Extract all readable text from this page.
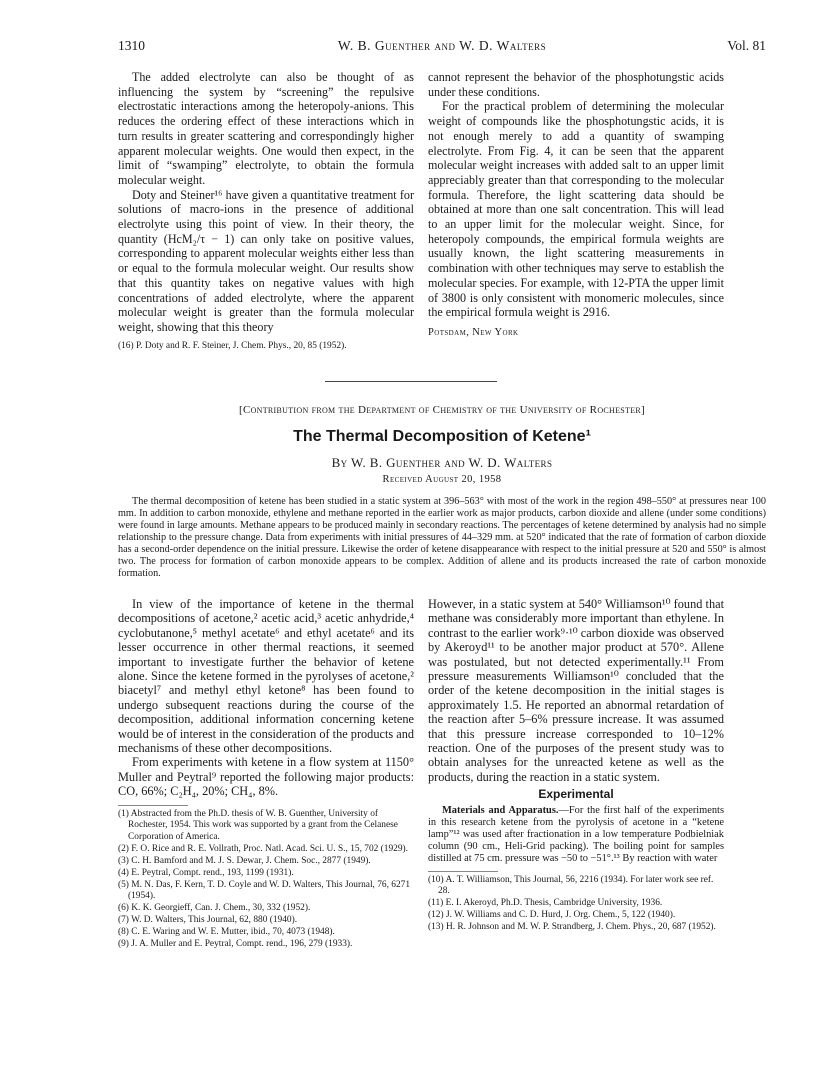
1310	W. B. Guenther and W. D. Walters	Vol. 81

The added electrolyte can also be thought of as influencing the system by “screening” the repulsive electrostatic interactions among the heteropoly-anions. This reduces the ordering effect of these interactions which in turn results in greater scattering and correspondingly higher apparent molecular weights. One would then expect, in the limit of “swamping” electrolyte, to obtain the formula molecular weight.

Doty and Steiner¹⁶ have given a quantitative treatment for solutions of macro-ions in the presence of additional electrolyte using this point of view. In their theory, the quantity (HcM₂/τ − 1) can only take on positive values, corresponding to apparent molecular weights either less than or equal to the formula molecular weight. Our results show that this quantity takes on negative values with high concentrations of added electrolyte, where the apparent molecular weight is greater than the formula molecular weight, showing that this theory

(16) P. Doty and R. F. Steiner, J. Chem. Phys., 20, 85 (1952).

cannot represent the behavior of the phosphotungstic acids under these conditions.

For the practical problem of determining the molecular weight of compounds like the phosphotungstic acids, it is not enough merely to add a quantity of swamping electrolyte. From Fig. 4, it can be seen that the apparent molecular weight increases with added salt to an upper limit appreciably greater than that corresponding to the molecular formula. Therefore, the light scattering data should be obtained at more than one salt concentration. This will lead to an upper limit for the molecular weight. Since, for heteropoly compounds, the empirical formula weights are usually known, the light scattering measurements in combination with other techniques may serve to establish the molecular species. For example, with 12-PTA the upper limit of 3800 is only consistent with monomeric molecules, since the empirical formula weight is 2916.

Potsdam, New York
[Contribution from the Department of Chemistry of the University of Rochester]
The Thermal Decomposition of Ketene¹
By W. B. Guenther and W. D. Walters
Received August 20, 1958

The thermal decomposition of ketene has been studied in a static system at 396–563° with most of the work in the region 498–550° at pressures near 100 mm. In addition to carbon monoxide, ethylene and methane reported in the earlier work as major products, carbon dioxide and allene (under some conditions) were found in large amounts. Methane appears to be produced mainly in secondary reactions. The percentages of ketene determined by analysis had no simple relationship to the pressure change. Data from experiments with initial pressures of 44–329 mm. at 520° indicated that the rate of formation of carbon dioxide has a second-order dependence on the initial pressure. Likewise the order of ketene disappearance with respect to the initial pressure at 520 and 550° is almost two. The process for formation of carbon monoxide appears to be complex. Addition of allene and its products increased the rate of carbon monoxide formation.

In view of the importance of ketene in the thermal decompositions of acetone,² acetic acid,³ acetic anhydride,⁴ cyclobutanone,⁵ methyl acetate⁶ and ethyl acetate⁶ and its lesser occurrence in other thermal reactions, it seemed important to investigate further the behavior of ketene alone. Since the ketene formed in the pyrolyses of acetone,² biacetyl⁷ and methyl ethyl ketone⁸ has been found to undergo subsequent reactions during the course of the decomposition, additional information concerning ketene would be of interest in the consideration of the products and mechanisms of these other decompositions.

From experiments with ketene in a flow system at 1150° Muller and Peytral⁹ reported the following major products: CO, 66%; C₂H₄, 20%; CH₄, 8%.

(1) Abstracted from the Ph.D. thesis of W. B. Guenther, University of Rochester, 1954. This work was supported by a grant from the Celanese Corporation of America.
(2) F. O. Rice and R. E. Vollrath, Proc. Natl. Acad. Sci. U. S., 15, 702 (1929).
(3) C. H. Bamford and M. J. S. Dewar, J. Chem. Soc., 2877 (1949).
(4) E. Peytral, Compt. rend., 193, 1199 (1931).
(5) M. N. Das, F. Kern, T. D. Coyle and W. D. Walters, This Journal, 76, 6271 (1954).
(6) K. K. Georgieff, Can. J. Chem., 30, 332 (1952).
(7) W. D. Walters, This Journal, 62, 880 (1940).
(8) C. E. Waring and W. E. Mutter, ibid., 70, 4073 (1948).
(9) J. A. Muller and E. Peytral, Compt. rend., 196, 279 (1933).

However, in a static system at 540° Williamson¹⁰ found that methane was considerably more important than ethylene. In contrast to the earlier work⁹·¹⁰ carbon dioxide was observed by Akeroyd¹¹ to be another major product at 570°. Allene was postulated, but not detected experimentally.¹¹ From pressure measurements Williamson¹⁰ concluded that the order of the ketene decomposition in the initial stages is approximately 1.5. He reported an abnormal retardation of the reaction after 5–6% pressure increase. It was assumed that this pressure increase corresponded to 10–12% reaction. One of the purposes of the present study was to obtain analyses for the unreacted ketene as well as the products, during the reaction in a static system.

Experimental

Materials and Apparatus.—For the first half of the experiments in this research ketene from the pyrolysis of acetone in a “ketene lamp”¹² was used after fractionation in a low temperature Podbielniak column (90 cm., Heli-Grid packing). The boiling point for samples distilled at 75 cm. pressure was −50 to −51°.¹³ By reaction with water

(10) A. T. Williamson, This Journal, 56, 2216 (1934). For later work see ref. 28.
(11) E. I. Akeroyd, Ph.D. Thesis, Cambridge University, 1936.
(12) J. W. Williams and C. D. Hurd, J. Org. Chem., 5, 122 (1940).
(13) H. R. Johnson and M. W. P. Strandberg, J. Chem. Phys., 20, 687 (1952).
